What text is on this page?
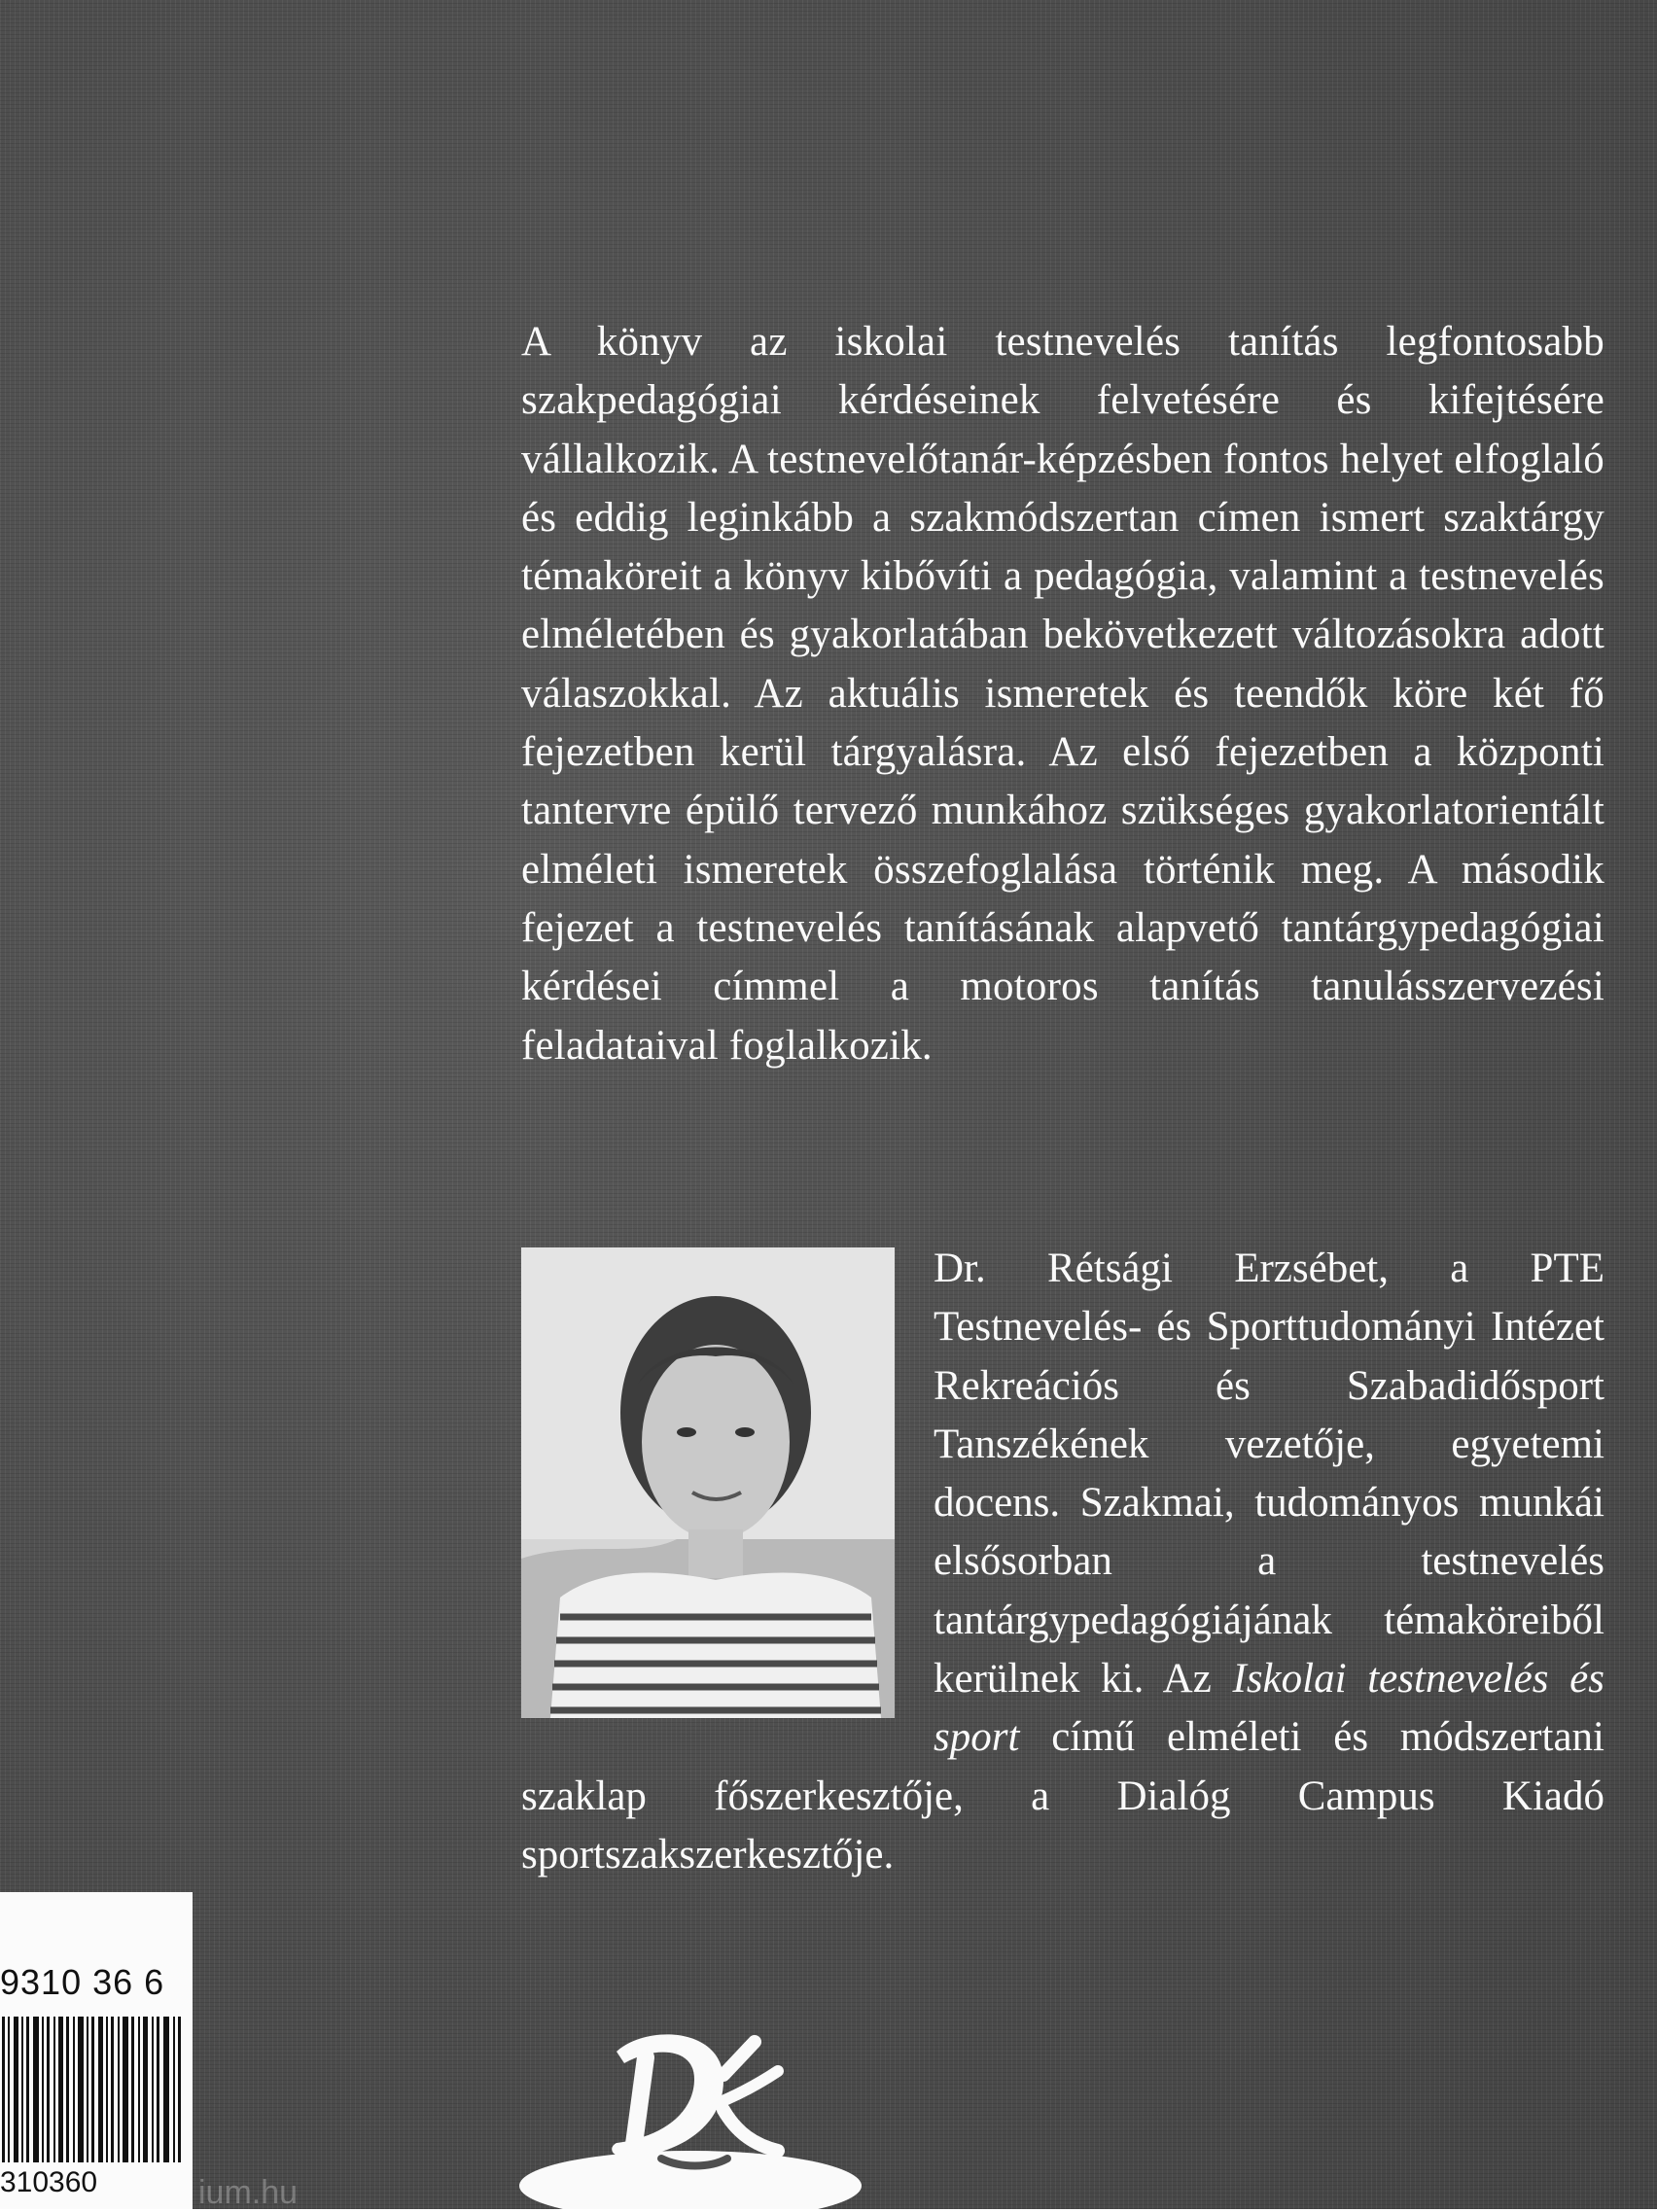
A könyv az iskolai testnevelés tanítás legfontosabb szakpedagógiai kérdéseinek felvetésére és kifejtésére vállalkozik. A testnevelőtanár-képzésben fontos helyet elfoglaló és eddig leginkább a szakmódszertan címen ismert szaktárgy témaköreit a könyv kibővíti a pedagógia, valamint a testnevelés elméletében és gyakorlatában bekövetkezett változásokra adott válaszokkal. Az aktuális ismeretek és teendők köre két fő fejezetben kerül tárgyalásra. Az első fejezetben a központi tantervre épülő tervező munkához szükséges gyakorlatorientált elméleti ismeretek összefoglalása történik meg. A második fejezet a testnevelés tanításának alapvető tantárgypedagógiai kérdései címmel a motoros tanítás tanulásszervezési feladataival foglalkozik.

Dr. Rétsági Erzsébet, a PTE Testnevelés- és Sporttudományi Intézet Rekreációs és Szabadidősport Tanszékének vezetője, egyetemi docens. Szakmai, tudományos munkái elsősorban a testnevelés tantárgypedagógiájának témaköreiből kerülnek ki. Az Iskolai testnevelés és sport című elméleti és módszertani szaklap főszerkesztője, a Dialóg Campus Kiadó sportszakszerkesztője.

9310 36 6
310360	ium.hu
